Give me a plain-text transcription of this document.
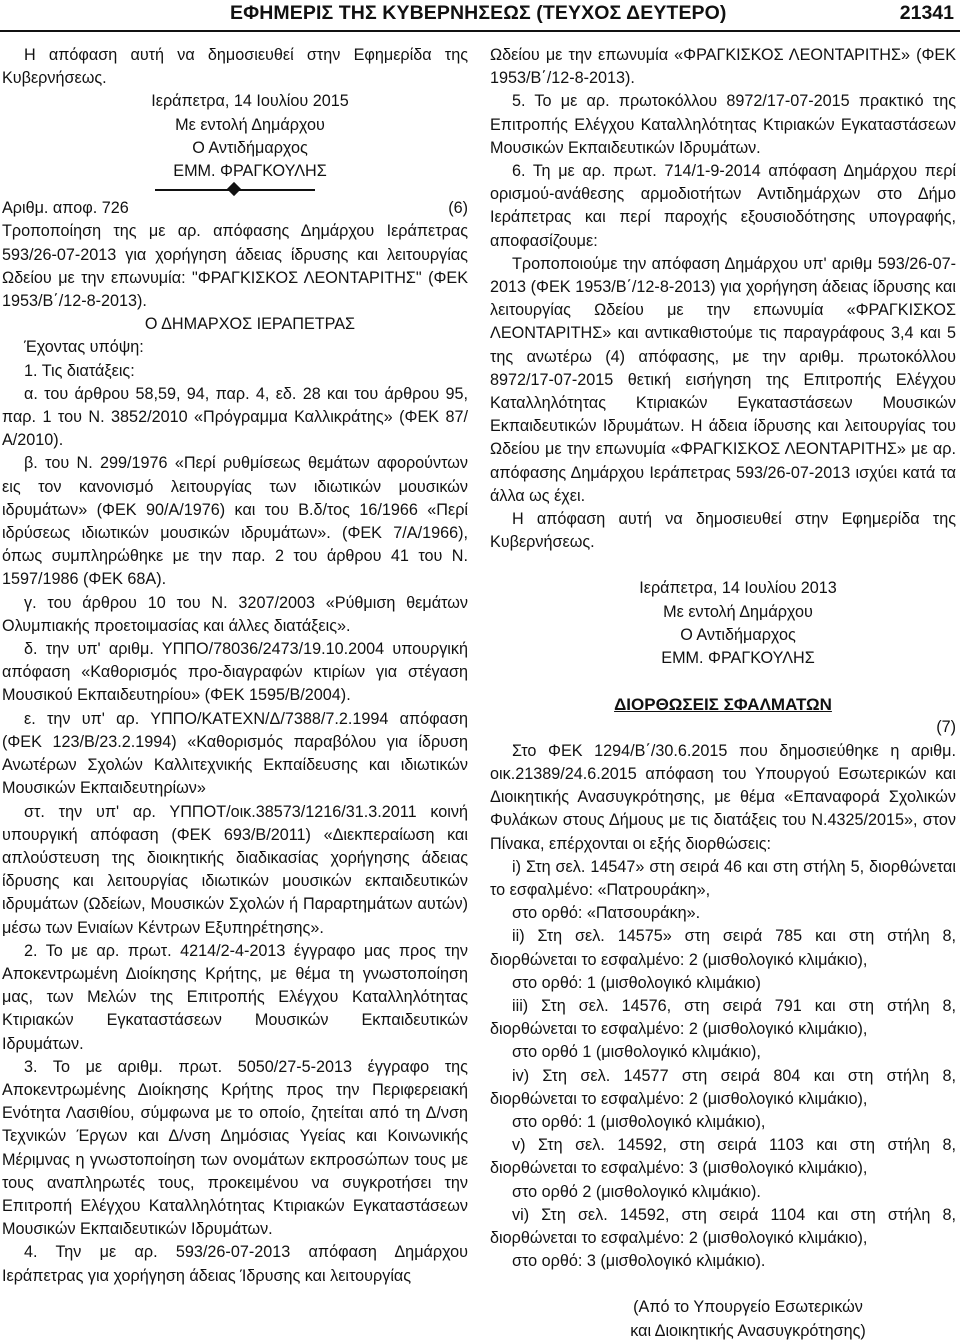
ΕΦΗΜΕΡΙΣ ΤΗΣ ΚΥΒΕΡΝΗΣΕΩΣ (ΤΕΥΧΟΣ ΔΕΥΤΕΡΟ)	21341

Η απόφαση αυτή να δημοσιευθεί στην Εφημερίδα της Κυβερνήσεως.

Ιεράπετρα, 14 Ιουλίου 2015

Με εντολή Δημάρχου

Ο Αντιδήμαρχος

ΕΜΜ. ΦΡΑΓΚΟΥΛΗΣ

Αριθμ. αποφ. 726	(6)

Τροποποίηση της με αρ. απόφασης Δημάρχου Ιεράπετρας 593/26-07-2013 για χορήγηση άδειας ίδρυσης και λειτουργίας Ωδείου με την επωνυμία: "ΦΡΑΓΚΙΣΚΟΣ ΛΕΟΝΤΑΡΙΤΗΣ" (ΦΕΚ 1953/Β΄/12-8-2013).

Ο ΔΗΜΑΡΧΟΣ ΙΕΡΑΠΕΤΡΑΣ

Έχοντας υπόψη:

1. Τις διατάξεις:

α. του άρθρου 58,59, 94, παρ. 4, εδ. 28 και του άρθρου 95, παρ. 1 του Ν. 3852/2010 «Πρόγραμμα Καλλικράτης» (ΦΕΚ 87/Α/2010).

β. του Ν. 299/1976 «Περί ρυθμίσεως θεμάτων αφορούντων εις τον κανονισμό λειτουργίας των ιδιωτικών μουσικών ιδρυμάτων» (ΦΕΚ 90/Α/1976) και του Β.δ/τος 16/1966 «Περί ιδρύσεως ιδιωτικών μουσικών ιδρυμάτων». (ΦΕΚ 7/Α/1966), όπως συμπληρώθηκε με την παρ. 2 του άρθρου 41 του Ν. 1597/1986 (ΦΕΚ 68Α).

γ. του άρθρου 10 του Ν. 3207/2003 «Ρύθμιση θεμάτων Ολυμπιακής προετοιμασίας και άλλες διατάξεις».

δ. την υπ' αριθμ. ΥΠΠΟ/78036/2473/19.10.2004 υπουργική απόφαση «Καθορισμός προ-διαγραφών κτιρίων για στέγαση Μουσικού Εκπαιδευτηρίου» (ΦΕΚ 1595/Β/2004).

ε. την υπ' αρ. ΥΠΠΟ/ΚΑΤΕΧΝ/Δ/7388/7.2.1994 απόφαση (ΦΕΚ 123/Β/23.2.1994) «Καθορισμός παραβόλου για ίδρυση Ανωτέρων Σχολών Καλλιτεχνικής Εκπαίδευσης και ιδιωτικών Μουσικών Εκπαιδευτηρίων»

στ. την υπ' αρ. ΥΠΠΟΤ/οικ.38573/1216/31.3.2011 κοινή υπουργική απόφαση (ΦΕΚ 693/Β/2011) «Διεκπεραίωση και απλούστευση της διοικητικής διαδικασίας χορήγησης άδειας ίδρυσης και λειτουργίας ιδιωτικών μουσικών εκπαιδευτικών ιδρυμάτων (Ωδείων, Μουσικών Σχολών ή Παραρτημάτων αυτών) μέσω των Ενιαίων Κέντρων Εξυπηρέτησης».

2. Το με αρ. πρωτ. 4214/2-4-2013 έγγραφο μας προς την Αποκεντρωμένη Διοίκησης Κρήτης, με θέμα τη γνωστοποίηση μας, των Μελών της Επιτροπής Ελέγχου Καταλληλότητας Κτιριακών Εγκαταστάσεων Μουσικών Εκπαιδευτικών Ιδρυμάτων.

3. Το με αριθμ. πρωτ. 5050/27-5-2013 έγγραφο της Αποκεντρωμένης Διοίκησης Κρήτης προς την Περιφερειακή Ενότητα Λασιθίου, σύμφωνα με το οποίο, ζητείται από τη Δ/νση Τεχνικών Έργων και Δ/νση Δημόσιας Υγείας και Κοινωνικής Μέριμνας η γνωστοποίηση των ονομάτων εκπροσώπων τους με τους αναπληρωτές τους, προκειμένου να συγκροτήσει την Επιτροπή Ελέγχου Καταλληλότητας Κτιριακών Εγκαταστάσεων Μουσικών Εκπαιδευτικών Ιδρυμάτων.

4. Την με αρ. 593/26-07-2013 απόφαση Δημάρχου Ιεράπετρας για χορήγηση άδειας Ίδρυσης και λειτουργίας

Ωδείου με την επωνυμία «ΦΡΑΓΚΙΣΚΟΣ ΛΕΟΝΤΑΡΙΤΗΣ» (ΦΕΚ 1953/Β΄/12-8-2013).

5. Το με αρ. πρωτοκόλλου 8972/17-07-2015 πρακτικό της Επιτροπής Ελέγχου Καταλληλότητας Κτιριακών Εγκαταστάσεων Μουσικών Εκπαιδευτικών Ιδρυμάτων.

6. Τη με αρ. πρωτ. 714/1-9-2014 απόφαση Δημάρχου περί ορισμού-ανάθεσης αρμοδιοτήτων Αντιδημάρχων στο Δήμο Ιεράπετρας και περί παροχής εξουσιοδότησης υπογραφής, αποφασίζουμε:

Τροποποιούμε την απόφαση Δημάρχου υπ' αριθμ 593/26-07-2013 (ΦΕΚ 1953/Β΄/12-8-2013) για χορήγηση άδειας ίδρυσης και λειτουργίας Ωδείου με την επωνυμία «ΦΡΑΓΚΙΣΚΟΣ ΛΕΟΝΤΑΡΙΤΗΣ» και αντικαθιστούμε τις παραγράφους 3,4 και 5 της ανωτέρω (4) απόφασης, με την αριθμ. πρωτοκόλλου 8972/17-07-2015 θετική εισήγηση της Επιτροπής Ελέγχου Καταλληλότητας Κτιριακών Εγκαταστάσεων Μουσικών Εκπαιδευτικών Ιδρυμάτων. Η άδεια ίδρυσης και λειτουργίας του Ωδείου με την επωνυμία «ΦΡΑΓΚΙΣΚΟΣ ΛΕΟΝΤΑΡΙΤΗΣ» με αρ. απόφασης Δημάρχου Ιεράπετρας 593/26-07-2013 ισχύει κατά τα άλλα ως έχει.

Η απόφαση αυτή να δημοσιευθεί στην Εφημερίδα της Κυβερνήσεως.

Ιεράπετρα, 14 Ιουλίου 2013

Με εντολή Δημάρχου

Ο Αντιδήμαρχος

ΕΜΜ. ΦΡΑΓΚΟΥΛΗΣ

ΔΙΟΡΘΩΣΕΙΣ ΣΦΑΛΜΑΤΩΝ

(7)

Στο ΦΕΚ 1294/Β΄/30.6.2015 που δημοσιεύθηκε η αριθμ. οικ.21389/24.6.2015 απόφαση του Υπουργού Εσωτερικών και Διοικητικής Ανασυγκρότησης, με θέμα «Επαναφορά Σχολικών Φυλάκων στους Δήμους με τις διατάξεις του Ν.4325/2015», στον Πίνακα, επέρχονται οι εξής διορθώσεις:

i) Στη σελ. 14547» στη σειρά 46 και στη στήλη 5, διορθώνεται το εσφαλμένο: «Πατρουράκη»,

στο ορθό: «Πατσουράκη».

ii) Στη σελ. 14575» στη σειρά 785 και στη στήλη 8, διορθώνεται το εσφαλμένο: 2 (μισθολογικό κλιμάκιο),

στο ορθό: 1 (μισθολογικό κλιμάκιο)

iii) Στη σελ. 14576, στη σειρά 791 και στη στήλη 8, διορθώνεται το εσφαλμένο: 2 (μισθολογικό κλιμάκιο),

στο ορθό 1 (μισθολογικό κλιμάκιο),

iv) Στη σελ. 14577 στη σειρά 804 και στη στήλη 8, διορθώνεται το εσφαλμένο: 2 (μισθολογικό κλιμάκιο),

στο ορθό: 1 (μισθολογικό κλιμάκιο),

v) Στη σελ. 14592, στη σειρά 1103 και στη στήλη 8, διορθώνεται το εσφαλμένο: 3 (μισθολογικό κλιμάκιο),

στο ορθό 2 (μισθολογικό κλιμάκιο).

vi) Στη σελ. 14592, στη σειρά 1104 και στη στήλη 8, διορθώνεται το εσφαλμένο: 2 (μισθολογικό κλιμάκιο),

στο ορθό: 3 (μισθολογικό κλιμάκιο).

(Από το Υπουργείο Εσωτερικών

και Διοικητικής Ανασυγκρότησης)
